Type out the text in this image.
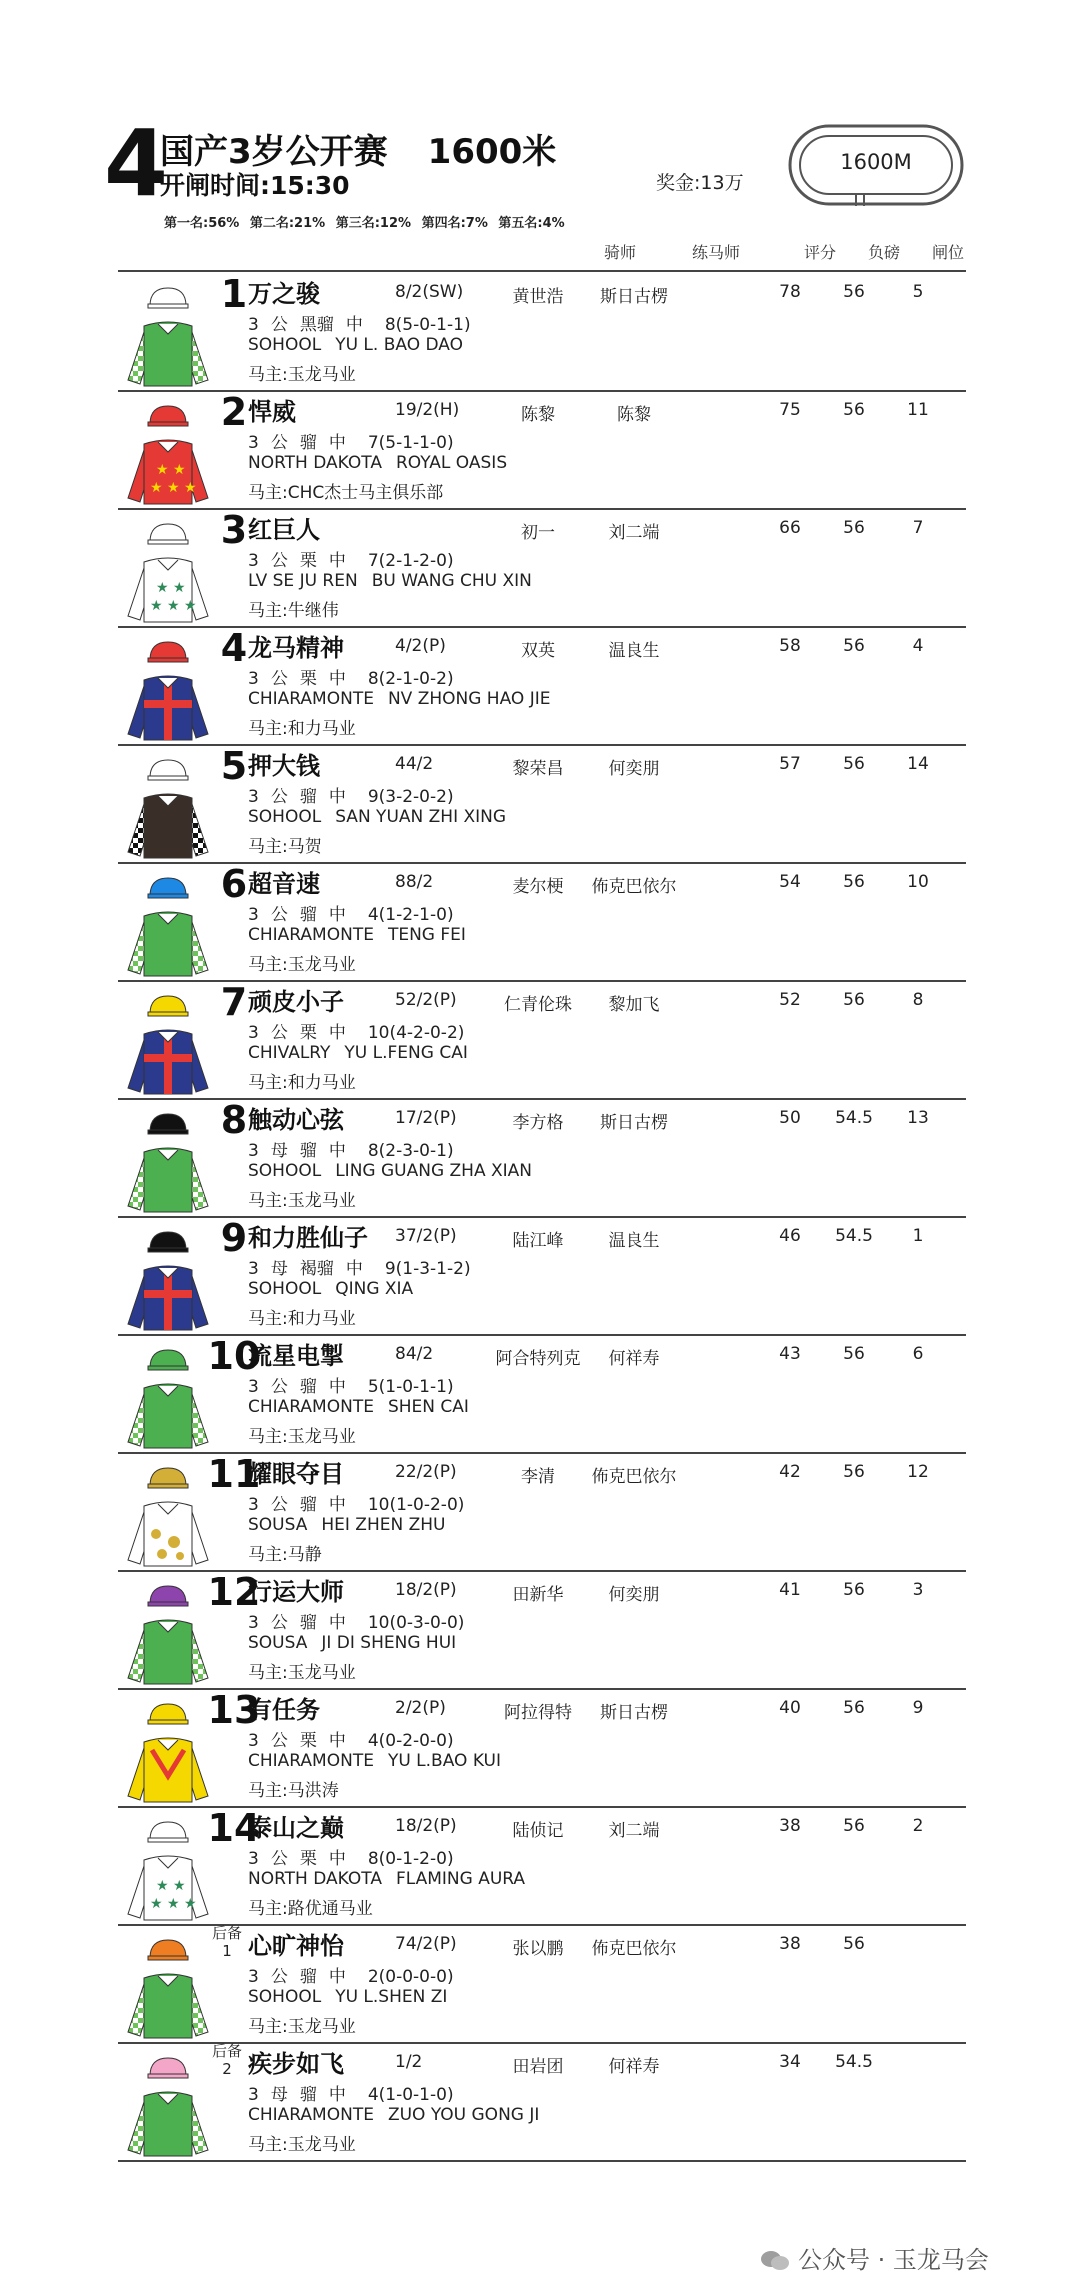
4
国产3岁公开赛 1600米
开闸时间:15:30	奖金:13万
1600M
第一名:56% 第二名:21% 第三名:12% 第四名:7% 第五名:4%
骑师	练马师	评分	负磅	闸位
1 万之骏	8/2(SW)
3 公 黑骝 中 8(5-0-1-1)
SOHOOL YU L. BAO DAO
马主:玉龙马业
黄世浩	斯日古楞	78	56	5
★ ★
★ ★ ★
2 悍威	19/2(H)
3 公 骝 中 7(5-1-1-0)
NORTH DAKOTA ROYAL OASIS
马主:CHC杰士马主俱乐部
陈黎	陈黎	75	56	11
★ ★
★ ★ ★
3 红巨人
3 公 栗 中 7(2-1-2-0)
LV SE JU REN BU WANG CHU XIN
马主:牛继伟
初一	刘二端	66	56	7
4 龙马精神	4/2(P)
3 公 栗 中 8(2-1-0-2)
CHIARAMONTE NV ZHONG HAO JIE
马主:和力马业
双英	温良生	58	56	4
5 押大钱	44/2
3 公 骝 中 9(3-2-0-2)
SOHOOL SAN YUAN ZHI XING
马主:马贺
黎荣昌	何奕朋	57	56	14
6 超音速	88/2
3 公 骝 中 4(1-2-1-0)
CHIARAMONTE TENG FEI
马主:玉龙马业
麦尔梗	佈克巴依尔	54	56	10
7 顽皮小子	52/2(P)
3 公 栗 中 10(4-2-0-2)
CHIVALRY YU L.FENG CAI
马主:和力马业
仁青伦珠	黎加飞	52	56	8
8 触动心弦	17/2(P)
3 母 骝 中 8(2-3-0-1)
SOHOOL LING GUANG ZHA XIAN
马主:玉龙马业
李方格	斯日古楞	50	54.5	13
9 和力胜仙子 37/2(P)
3 母 褐骝 中 9(1-3-1-2)
SOHOOL QING XIA
马主:和力马业
陆江峰	温良生	46	54.5	1
10
流星电掣	84/2
3 公 骝 中 5(1-0-1-1)
CHIARAMONTE SHEN CAI
马主:玉龙马业
阿合特列克	何祥寿	43	56	6
11
耀眼夺目	22/2(P)
3 公 骝 中 10(1-0-2-0)
SOUSA HEI ZHEN ZHU
马主:马静
李清	佈克巴依尔	42	56	12
12
行运大师	18/2(P)
3 公 骝 中 10(0-3-0-0)
SOUSA JI DI SHENG HUI
马主:玉龙马业
田新华	何奕朋	41	56	3
13
有任务	2/2(P)
3 公 栗 中 4(0-2-0-0)
CHIARAMONTE YU L.BAO KUI
马主:马洪涛
阿拉得特	斯日古楞	40	56	9
★ ★
★ ★ ★
14
泰山之巅	18/2(P)
3 公 栗 中 8(0-1-2-0)
NORTH DAKOTA FLAMING AURA
马主:路优通马业
陆侦记	刘二端	38	56	2
后备
1 心旷神怡	74/2(P)
3 公 骝 中 2(0-0-0-0)
SOHOOL YU L.SHEN ZI
马主:玉龙马业
张以鹏	佈克巴依尔	38	56
后备
2 疾步如飞	1/2
3 母 骝 中 4(1-0-1-0)
CHIARAMONTE ZUO YOU GONG JI
马主:玉龙马业
田岩团	何祥寿	34	54.5
公众号 · 玉龙马会
